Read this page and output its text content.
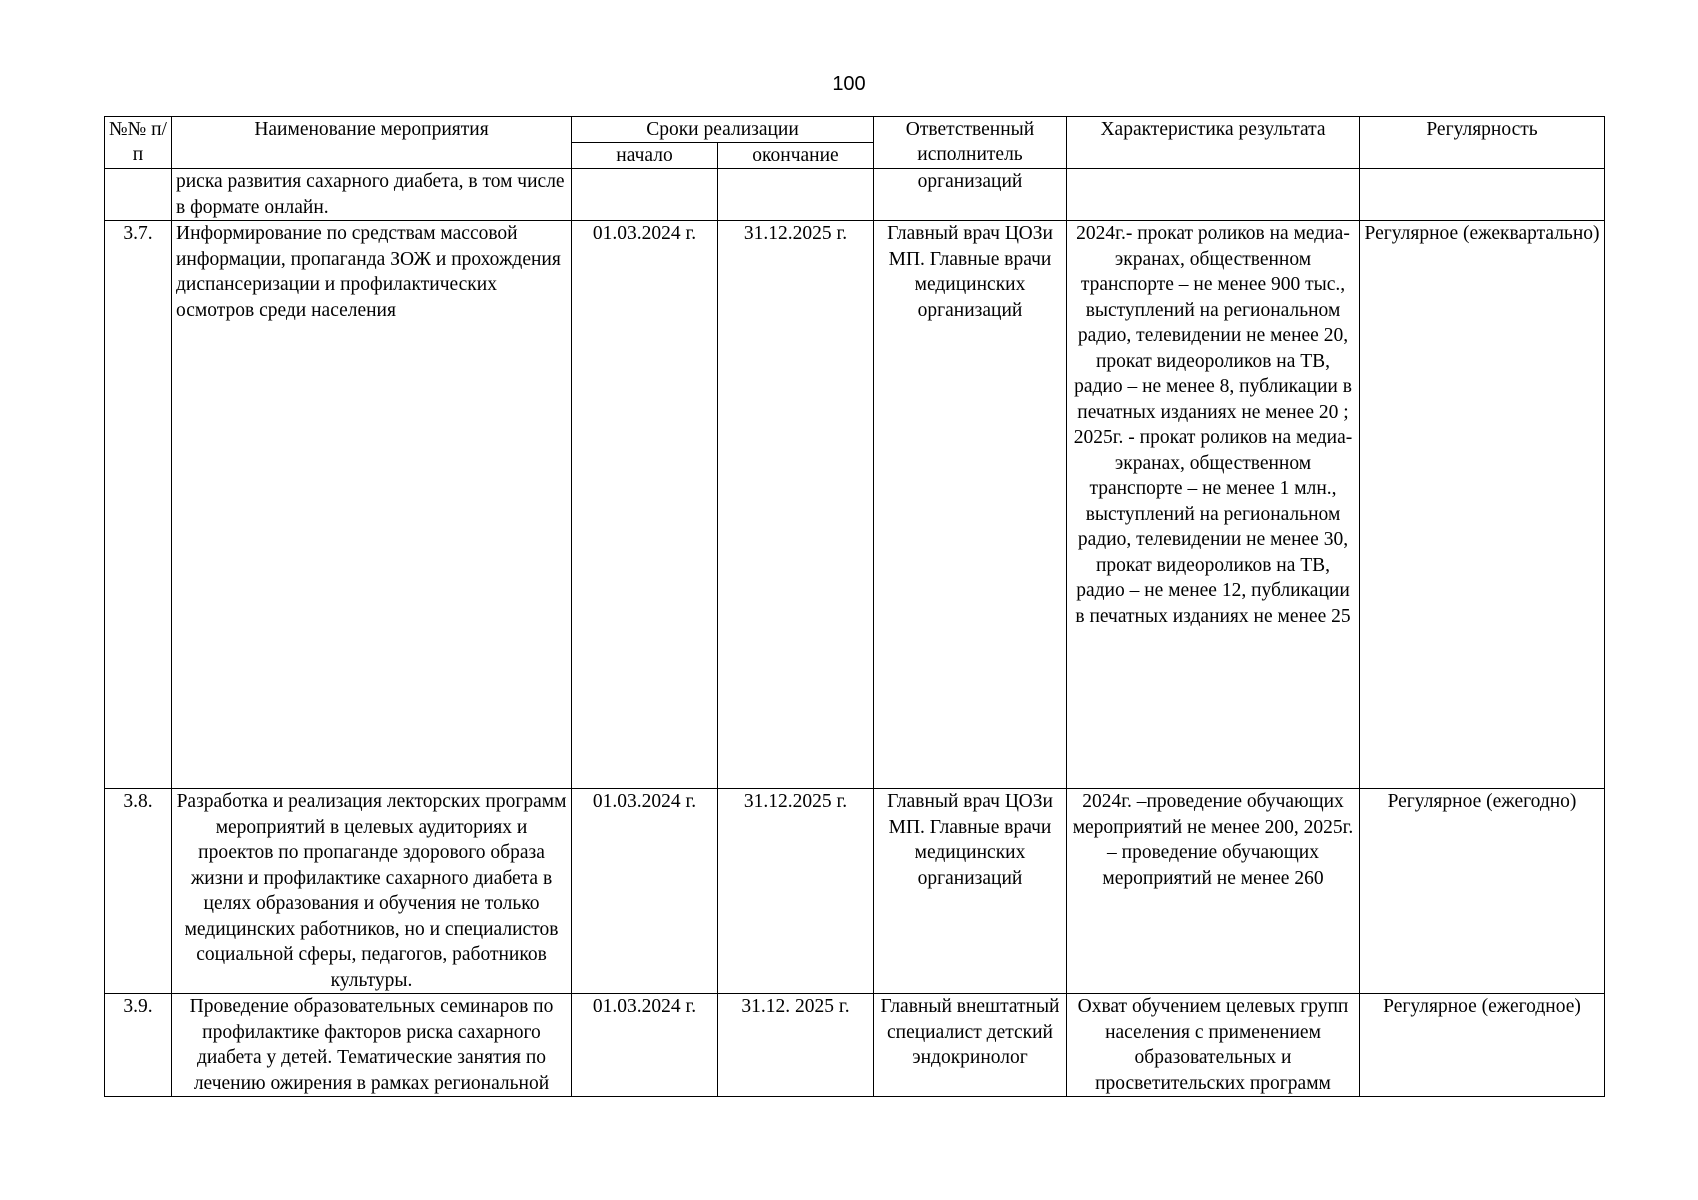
100
№№ п/п	Наименование мероприятия	Сроки реализации		Ответственный исполнитель	Характеристика результата	Регулярность
		начало	окончание			
	риска развития сахарного диабета, в том числе в формате онлайн.			организаций		
3.7.	Информирование по средствам массовой информации, пропаганда ЗОЖ и прохождения диспансеризации и профилактических осмотров среди населения	01.03.2024 г.	31.12.2025 г.	Главный врач ЦОЗи МП. Главные врачи медицинских организаций	2024г.- прокат роликов на медиа-экранах, общественном транспорте – не менее 900 тыс., выступлений на региональном радио, телевидении не менее 20, прокат видеороликов на ТВ, радио – не менее 8, публикации в печатных изданиях не менее 20 ; 2025г. - прокат роликов на медиа-экранах, общественном транспорте – не менее 1 млн., выступлений на региональном радио, телевидении не менее 30, прокат видеороликов на ТВ, радио – не менее 12, публикации в печатных изданиях не менее 25	Регулярное (ежеквартально)
3.8.	Разработка и реализация лекторских программ мероприятий в целевых аудиториях и проектов по пропаганде здорового образа жизни и профилактике сахарного диабета в целях образования и обучения не только медицинских работников, но и специалистов социальной сферы, педагогов, работников культуры.	01.03.2024 г.	31.12.2025 г.	Главный врач ЦОЗи МП. Главные врачи медицинских организаций	2024г. –проведение обучающих мероприятий не менее 200, 2025г. – проведение обучающих мероприятий не менее 260	Регулярное (ежегодно)
3.9.	Проведение образовательных семинаров по профилактике факторов риска сахарного диабета у детей. Тематические занятия по лечению ожирения в рамках региональной	01.03.2024 г.	31.12. 2025 г.	Главный внештатный специалист детский эндокринолог	Охват обучением целевых групп населения с применением образовательных и просветительских программ	Регулярное (ежегодное)
